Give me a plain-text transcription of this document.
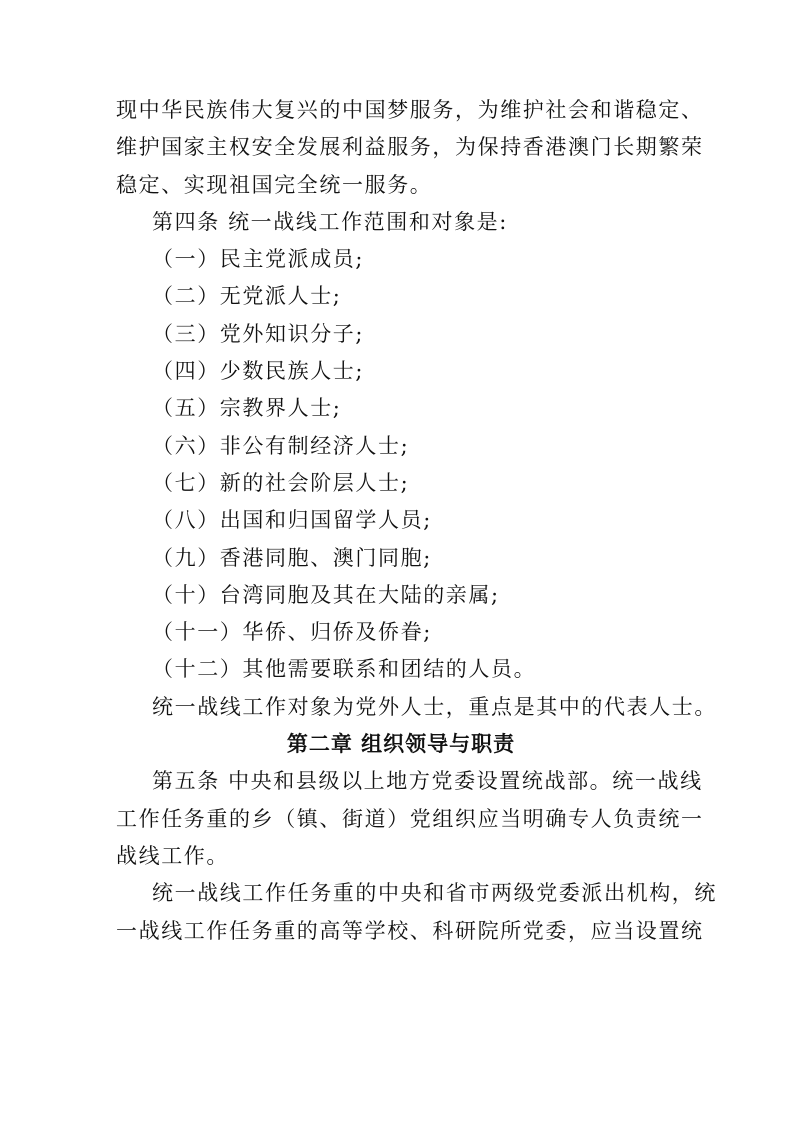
现中华民族伟大复兴的中国梦服务，为维护社会和谐稳定、
维护国家主权安全发展利益服务，为保持香港澳门长期繁荣
稳定、实现祖国完全统一服务。
第四条 统一战线工作范围和对象是:
（一）民主党派成员;
（二）无党派人士;
（三）党外知识分子;
（四）少数民族人士;
（五）宗教界人士;
（六）非公有制经济人士;
（七）新的社会阶层人士;
（八）出国和归国留学人员;
（九）香港同胞、澳门同胞;
（十）台湾同胞及其在大陆的亲属;
（十一）华侨、归侨及侨眷;
（十二）其他需要联系和团结的人员。
统一战线工作对象为党外人士，重点是其中的代表人士。
第二章 组织领导与职责
第五条 中央和县级以上地方党委设置统战部。统一战线
工作任务重的乡（镇、街道）党组织应当明确专人负责统一
战线工作。
统一战线工作任务重的中央和省市两级党委派出机构，统
一战线工作任务重的高等学校、科研院所党委，应当设置统
